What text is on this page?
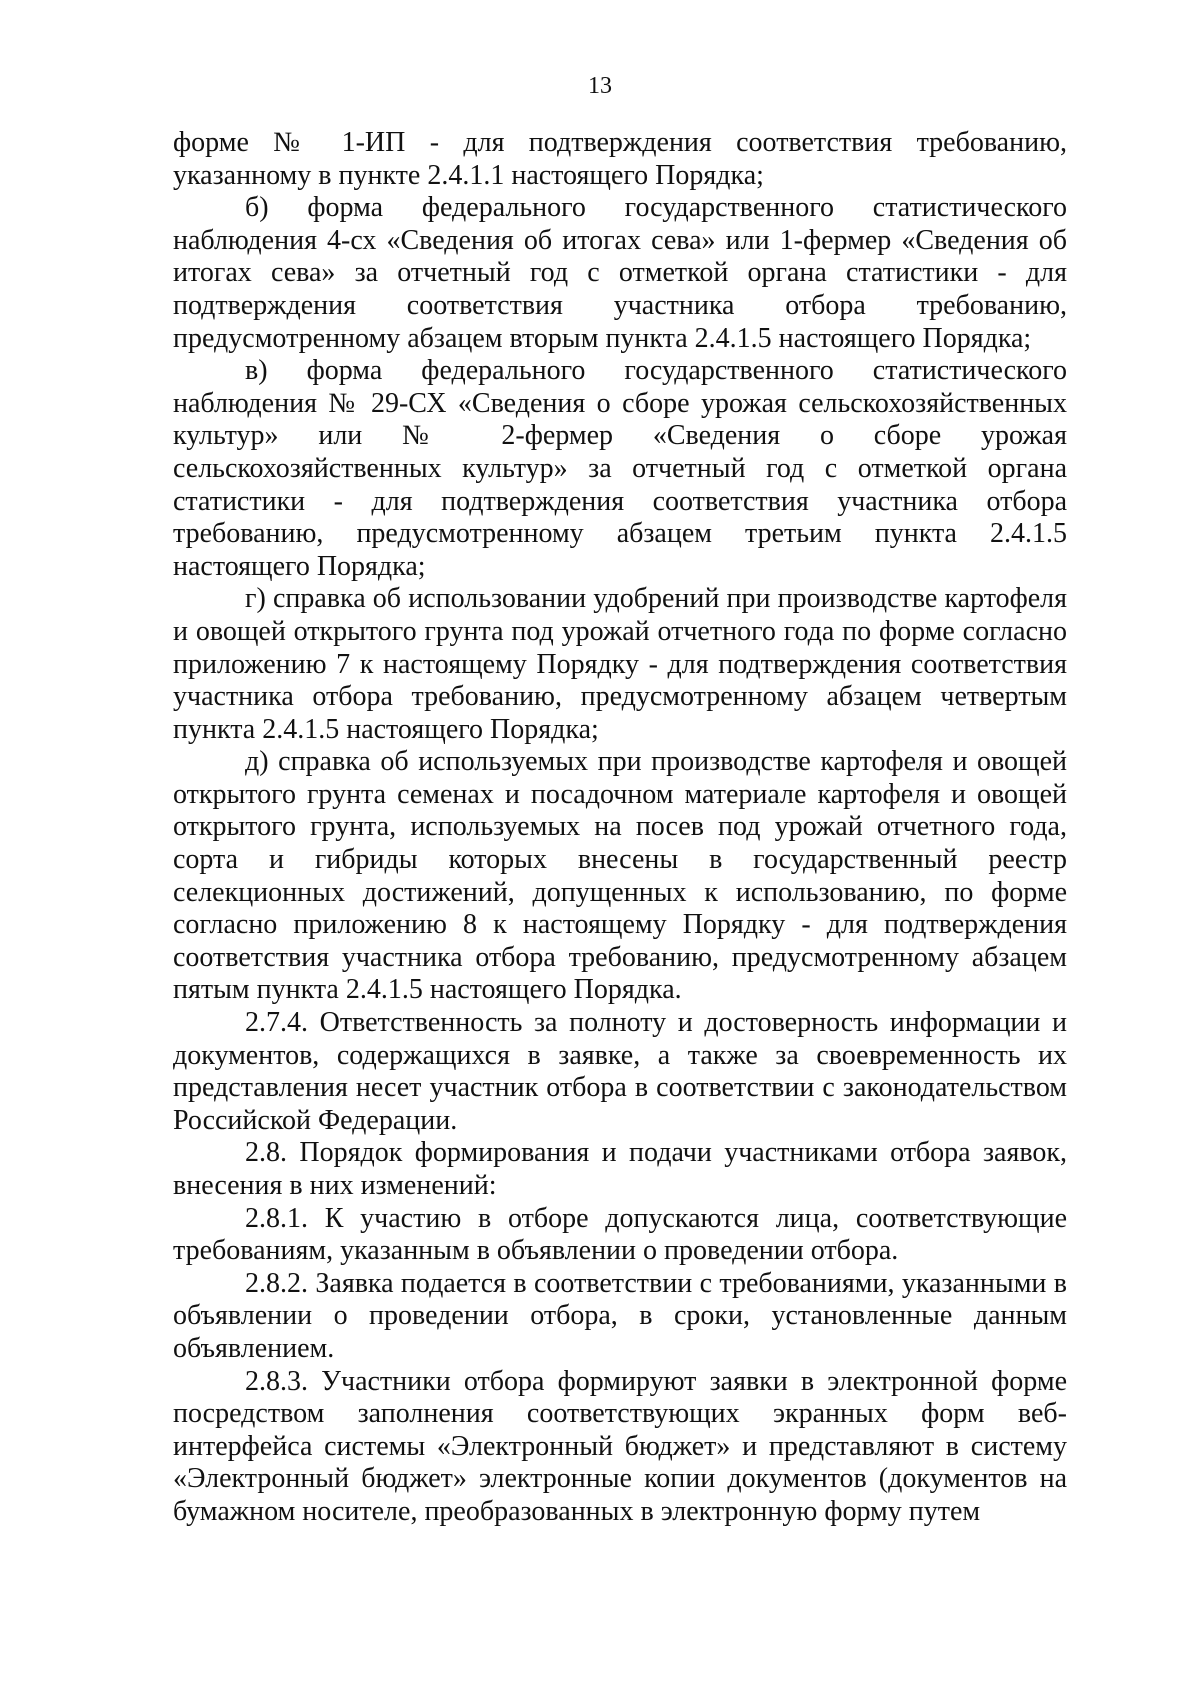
13

форме № 1-ИП - для подтверждения соответствия требованию, указанному в пункте 2.4.1.1 настоящего Порядка;

б) форма федерального государственного статистического наблюдения 4-сх «Сведения об итогах сева» или 1-фермер «Сведения об итогах сева» за отчетный год с отметкой органа статистики - для подтверждения соответствия участника отбора требованию, предусмотренному абзацем вторым пункта 2.4.1.5 настоящего Порядка;

в) форма федерального государственного статистического наблюдения № 29-СХ «Сведения о сборе урожая сельскохозяйственных культур» или № 2-фермер «Сведения о сборе урожая сельскохозяйственных культур» за отчетный год с отметкой органа статистики - для подтверждения соответствия участника отбора требованию, предусмотренному абзацем третьим пункта 2.4.1.5 настоящего Порядка;

г) справка об использовании удобрений при производстве картофеля и овощей открытого грунта под урожай отчетного года по форме согласно приложению 7 к настоящему Порядку - для подтверждения соответствия участника отбора требованию, предусмотренному абзацем четвертым пункта 2.4.1.5 настоящего Порядка;

д) справка об используемых при производстве картофеля и овощей открытого грунта семенах и посадочном материале картофеля и овощей открытого грунта, используемых на посев под урожай отчетного года, сорта и гибриды которых внесены в государственный реестр селекционных достижений, допущенных к использованию, по форме согласно приложению 8 к настоящему Порядку - для подтверждения соответствия участника отбора требованию, предусмотренному абзацем пятым пункта 2.4.1.5 настоящего Порядка.

2.7.4. Ответственность за полноту и достоверность информации и документов, содержащихся в заявке, а также за своевременность их представления несет участник отбора в соответствии с законодательством Российской Федерации.

2.8. Порядок формирования и подачи участниками отбора заявок, внесения в них изменений:

2.8.1. К участию в отборе допускаются лица, соответствующие требованиям, указанным в объявлении о проведении отбора.

2.8.2. Заявка подается в соответствии с требованиями, указанными в объявлении о проведении отбора, в сроки, установленные данным объявлением.

2.8.3. Участники отбора формируют заявки в электронной форме посредством заполнения соответствующих экранных форм веб-интерфейса системы «Электронный бюджет» и представляют в систему «Электронный бюджет» электронные копии документов (документов на бумажном носителе, преобразованных в электронную форму путем
